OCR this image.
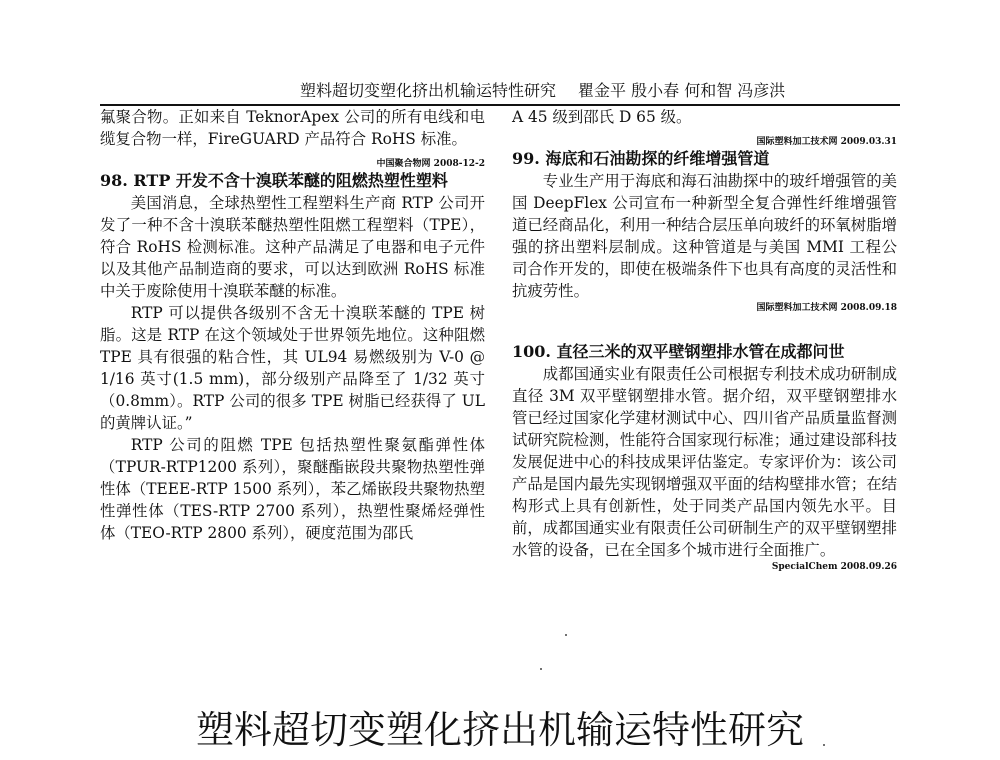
塑料超切变塑化挤出机输运特性研究 瞿金平 殷小春 何和智 冯彦洪

氟聚合物。正如来自 TeknorApex 公司的所有电线和电缆复合物一样，FireGUARD 产品符合 RoHS 标准。

中国聚合物网 2008-12-2

98. RTP 开发不含十溴联苯醚的阻燃热塑性塑料

美国消息，全球热塑性工程塑料生产商 RTP 公司开发了一种不含十溴联苯醚热塑性阻燃工程塑料（TPE），符合 RoHS 检测标准。这种产品满足了电器和电子元件以及其他产品制造商的要求，可以达到欧洲 RoHS 标准中关于废除使用十溴联苯醚的标准。

RTP 可以提供各级别不含无十溴联苯醚的 TPE 树脂。这是 RTP 在这个领域处于世界领先地位。这种阻燃 TPE 具有很强的粘合性，其 UL94 易燃级别为 V-0 @ 1/16 英寸(1.5 mm)，部分级别产品降至了 1/32 英寸（0.8mm）。RTP 公司的很多 TPE 树脂已经获得了 UL 的黄牌认证。”

RTP 公司的阻燃 TPE 包括热塑性聚氨酯弹性体（TPUR-RTP1200 系列），聚醚酯嵌段共聚物热塑性弹性体（TEEE-RTP 1500 系列），苯乙烯嵌段共聚物热塑性弹性体（TES-RTP 2700 系列），热塑性聚烯烃弹性体（TEO-RTP 2800 系列），硬度范围为邵氏

A 45 级到邵氏 D 65 级。

国际塑料加工技术网 2009.03.31

99. 海底和石油勘探的纤维增强管道

专业生产用于海底和海石油勘探中的玻纤增强管的美国 DeepFlex 公司宣布一种新型全复合弹性纤维增强管道已经商品化，利用一种结合层压单向玻纤的环氧树脂增强的挤出塑料层制成。这种管道是与美国 MMI 工程公司合作开发的，即使在极端条件下也具有高度的灵活性和抗疲劳性。

国际塑料加工技术网 2008.09.18

100. 直径三米的双平壁钢塑排水管在成都问世

成都国通实业有限责任公司根据专利技术成功研制成直径 3M 双平壁钢塑排水管。据介绍，双平壁钢塑排水管已经过国家化学建材测试中心、四川省产品质量监督测试研究院检测，性能符合国家现行标准；通过建设部科技发展促进中心的科技成果评估鉴定。专家评价为：该公司产品是国内最先实现钢增强双平面的结构壁排水管；在结构形式上具有创新性，处于同类产品国内领先水平。目前，成都国通实业有限责任公司研制生产的双平壁钢塑排水管的设备，已在全国多个城市进行全面推广。

SpecialChem 2008.09.26

塑料超切变塑化挤出机输运特性研究
